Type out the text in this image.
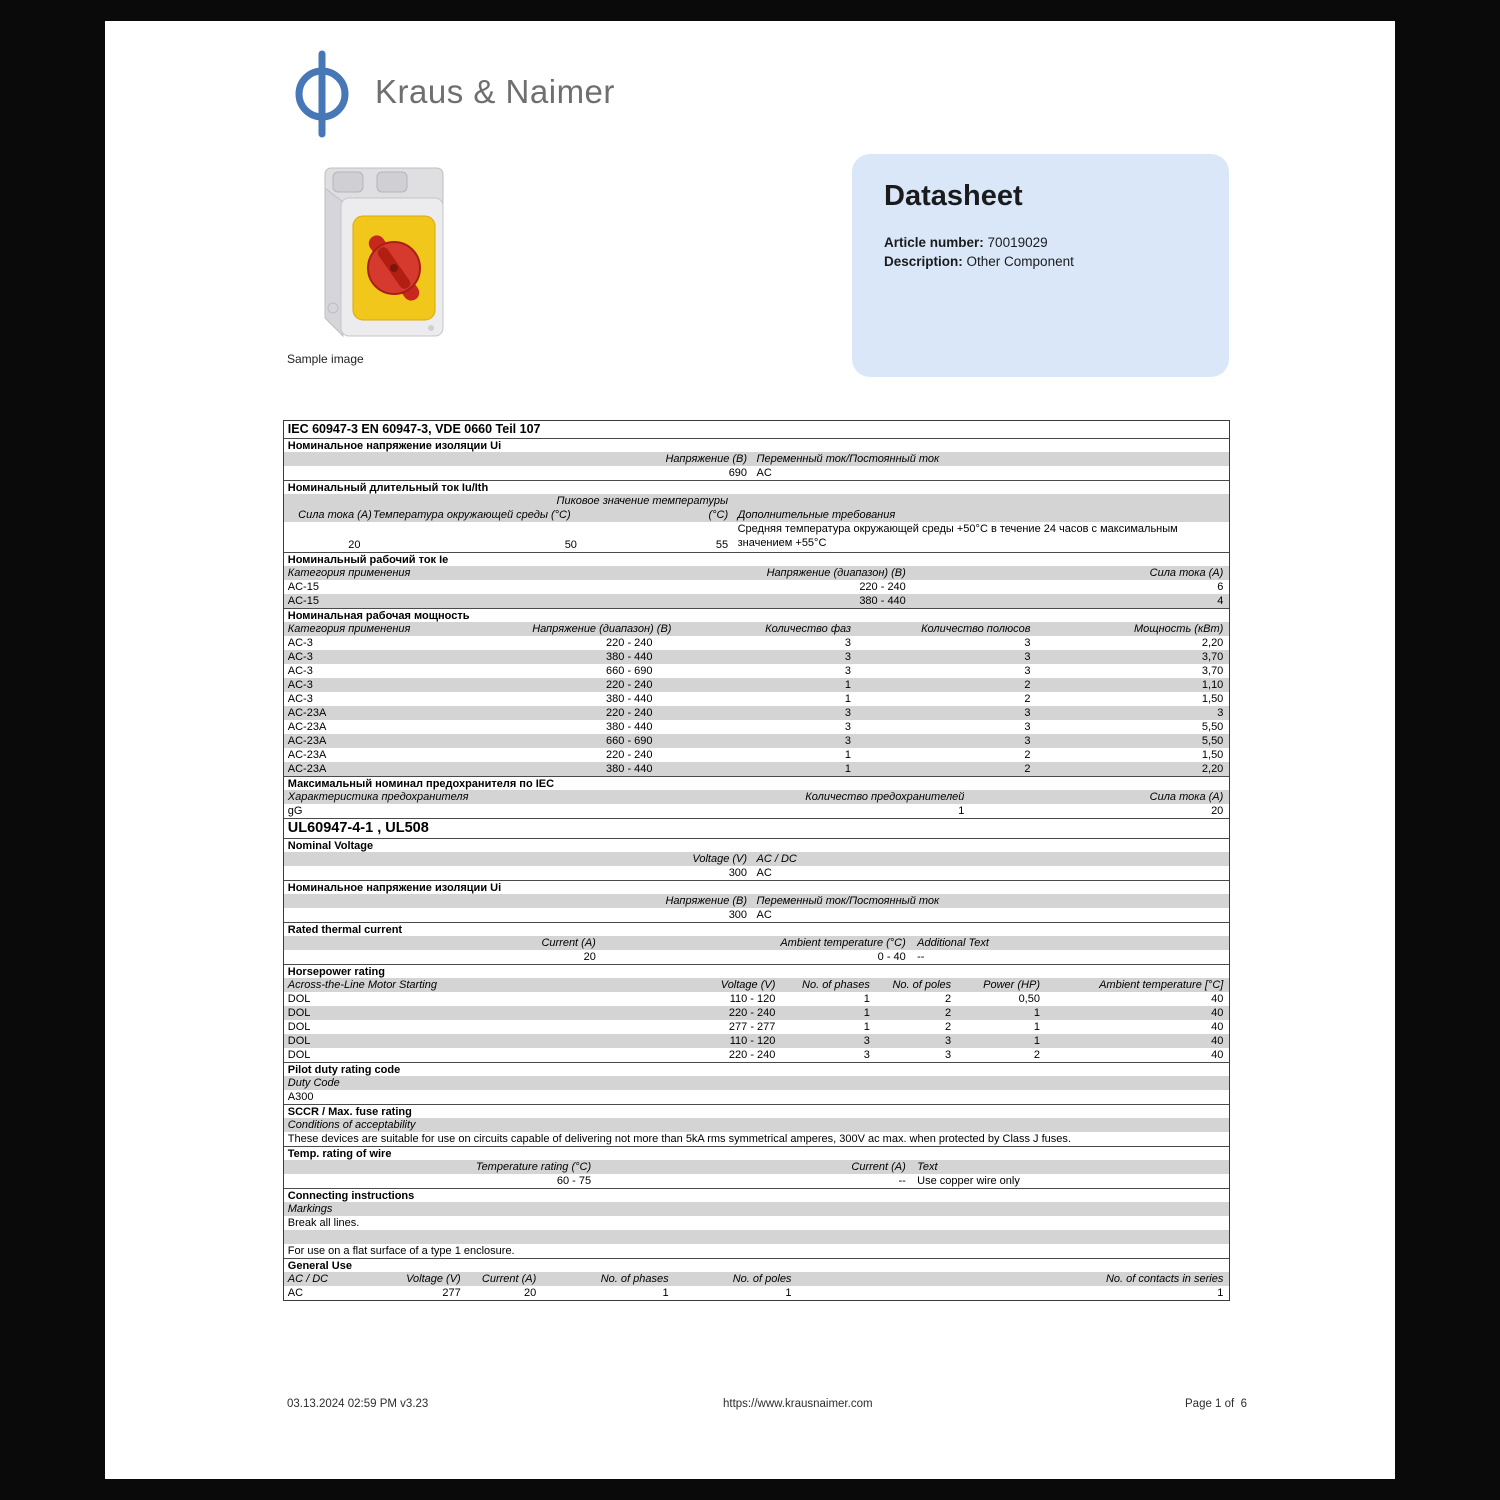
Kraus & Naimer
Sample image
Datasheet
Article number: 70019029
Description: Other Component
IEC 60947-3 EN 60947-3, VDE 0660 Teil 107
Номинальное напряжение изоляции Ui
Напряжение (В) Переменный ток/Постоянный ток
690 AC
Номинальный длительный ток Iu/Ith
Пиковое значение температуры
Сила тока (A) Температура окружающей среды (°C)	(°C) Дополнительные требования
20	50	55
Средняя температура окружающей среды +50°C в течение 24 часов с максимальным значением +55°C
Номинальный рабочий ток Ie
Категория применения	Напряжение (диапазон) (В)	Сила тока (A)
AC-15	220 - 240	6
AC-15	380 - 440	4
Номинальная рабочая мощность
Категория применения	Напряжение (диапазон) (В)	Количество фаз	Количество полюсов	Мощность (кВт)
AC-3	220 - 240	3	3	2,20
AC-3	380 - 440	3	3	3,70
AC-3	660 - 690	3	3	3,70
AC-3	220 - 240	1	2	1,10
AC-3	380 - 440	1	2	1,50
AC-23A	220 - 240	3	3	3
AC-23A	380 - 440	3	3	5,50
AC-23A	660 - 690	3	3	5,50
AC-23A	220 - 240	1	2	1,50
AC-23A	380 - 440	1	2	2,20
Максимальный номинал предохранителя по IEC
Характеристика предохранителя	Количество предохранителей	Сила тока (A)
gG	1	20
UL60947-4-1 , UL508
Nominal Voltage
Voltage (V) AC / DC
300 AC
Номинальное напряжение изоляции Ui
Напряжение (В) Переменный ток/Постоянный ток
300 AC
Rated thermal current
Current (A)	Ambient temperature (°C) Additional Text
20	0 - 40 --
Horsepower rating
Across-the-Line Motor Starting	Voltage (V)	No. of phases	No. of poles	Power (HP)	Ambient temperature [°C]
DOL	110 - 120	1	2	0,50	40
DOL	220 - 240	1	2	1	40
DOL	277 - 277	1	2	1	40
DOL	110 - 120	3	3	1	40
DOL	220 - 240	3	3	2	40
Pilot duty rating code
Duty Code
A300
SCCR / Max. fuse rating
Conditions of acceptability
These devices are suitable for use on circuits capable of delivering not more than 5kA rms symmetrical amperes, 300V ac max. when protected by Class J fuses.
Temp. rating of wire
Temperature rating (°C)	Current (A) Text
60 - 75	-- Use copper wire only
Connecting instructions
Markings
Break all lines.
For use on a flat surface of a type 1 enclosure.
General Use
AC / DC	Voltage (V)	Current (A)	No. of phases	No. of poles	No. of contacts in series
AC	277	20	1	1	1
03.13.2024 02:59 PM v3.23	https://www.krausnaimer.com	Page 1 of  6
